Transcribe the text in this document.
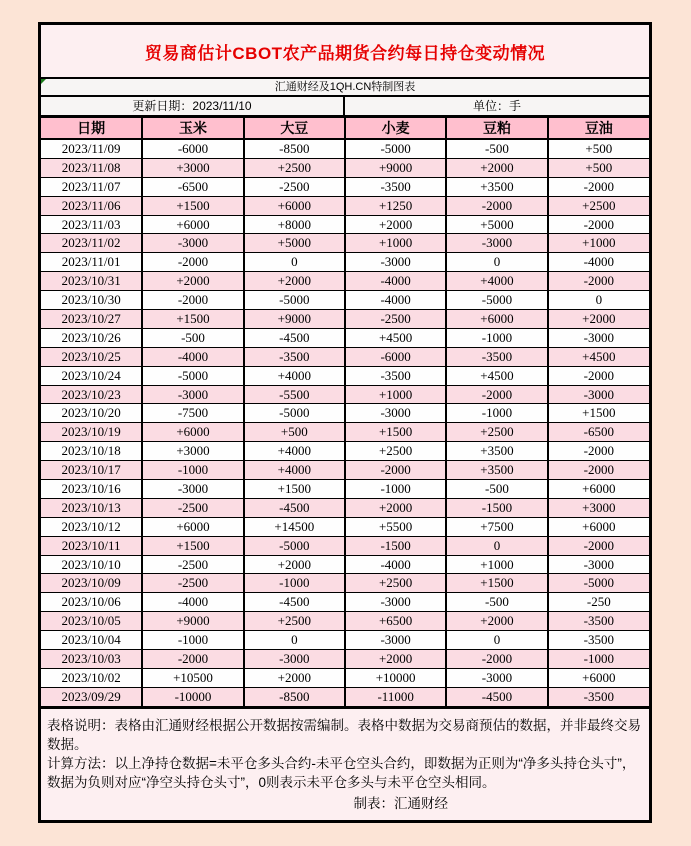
贸易商估计CBOT农产品期货合约每日持仓变动情况
汇通财经及1QH.CN特制图表
更新日期：2023/11/10	单位：手
日期	玉米	大豆	小麦	豆粕	豆油
2023/11/09	-6000	-8500	-5000	-500	+500
2023/11/08	+3000	+2500	+9000	+2000	+500
2023/11/07	-6500	-2500	-3500	+3500	-2000
2023/11/06	+1500	+6000	+1250	-2000	+2500
2023/11/03	+6000	+8000	+2000	+5000	-2000
2023/11/02	-3000	+5000	+1000	-3000	+1000
2023/11/01	-2000	0	-3000	0	-4000
2023/10/31	+2000	+2000	-4000	+4000	-2000
2023/10/30	-2000	-5000	-4000	-5000	0
2023/10/27	+1500	+9000	-2500	+6000	+2000
2023/10/26	-500	-4500	+4500	-1000	-3000
2023/10/25	-4000	-3500	-6000	-3500	+4500
2023/10/24	-5000	+4000	-3500	+4500	-2000
2023/10/23	-3000	-5500	+1000	-2000	-3000
2023/10/20	-7500	-5000	-3000	-1000	+1500
2023/10/19	+6000	+500	+1500	+2500	-6500
2023/10/18	+3000	+4000	+2500	+3500	-2000
2023/10/17	-1000	+4000	-2000	+3500	-2000
2023/10/16	-3000	+1500	-1000	-500	+6000
2023/10/13	-2500	-4500	+2000	-1500	+3000
2023/10/12	+6000	+14500	+5500	+7500	+6000
2023/10/11	+1500	-5000	-1500	0	-2000
2023/10/10	-2500	+2000	-4000	+1000	-3000
2023/10/09	-2500	-1000	+2500	+1500	-5000
2023/10/06	-4000	-4500	-3000	-500	-250
2023/10/05	+9000	+2500	+6500	+2000	-3500
2023/10/04	-1000	0	-3000	0	-3500
2023/10/03	-2000	-3000	+2000	-2000	-1000
2023/10/02	+10500	+2000	+10000	-3000	+6000
2023/09/29	-10000	-8500	-11000	-4500	-3500

表格说明：表格由汇通财经根据公开数据按需编制。表格中数据为交易商预估的数据，并非最终交易数据。

计算方法：以上净持仓数据=未平仓多头合约-未平仓空头合约，即数据为正则为“净多头持仓头寸”，数据为负则对应“净空头持仓头寸”，0则表示未平仓多头与未平仓空头相同。

制表：汇通财经
